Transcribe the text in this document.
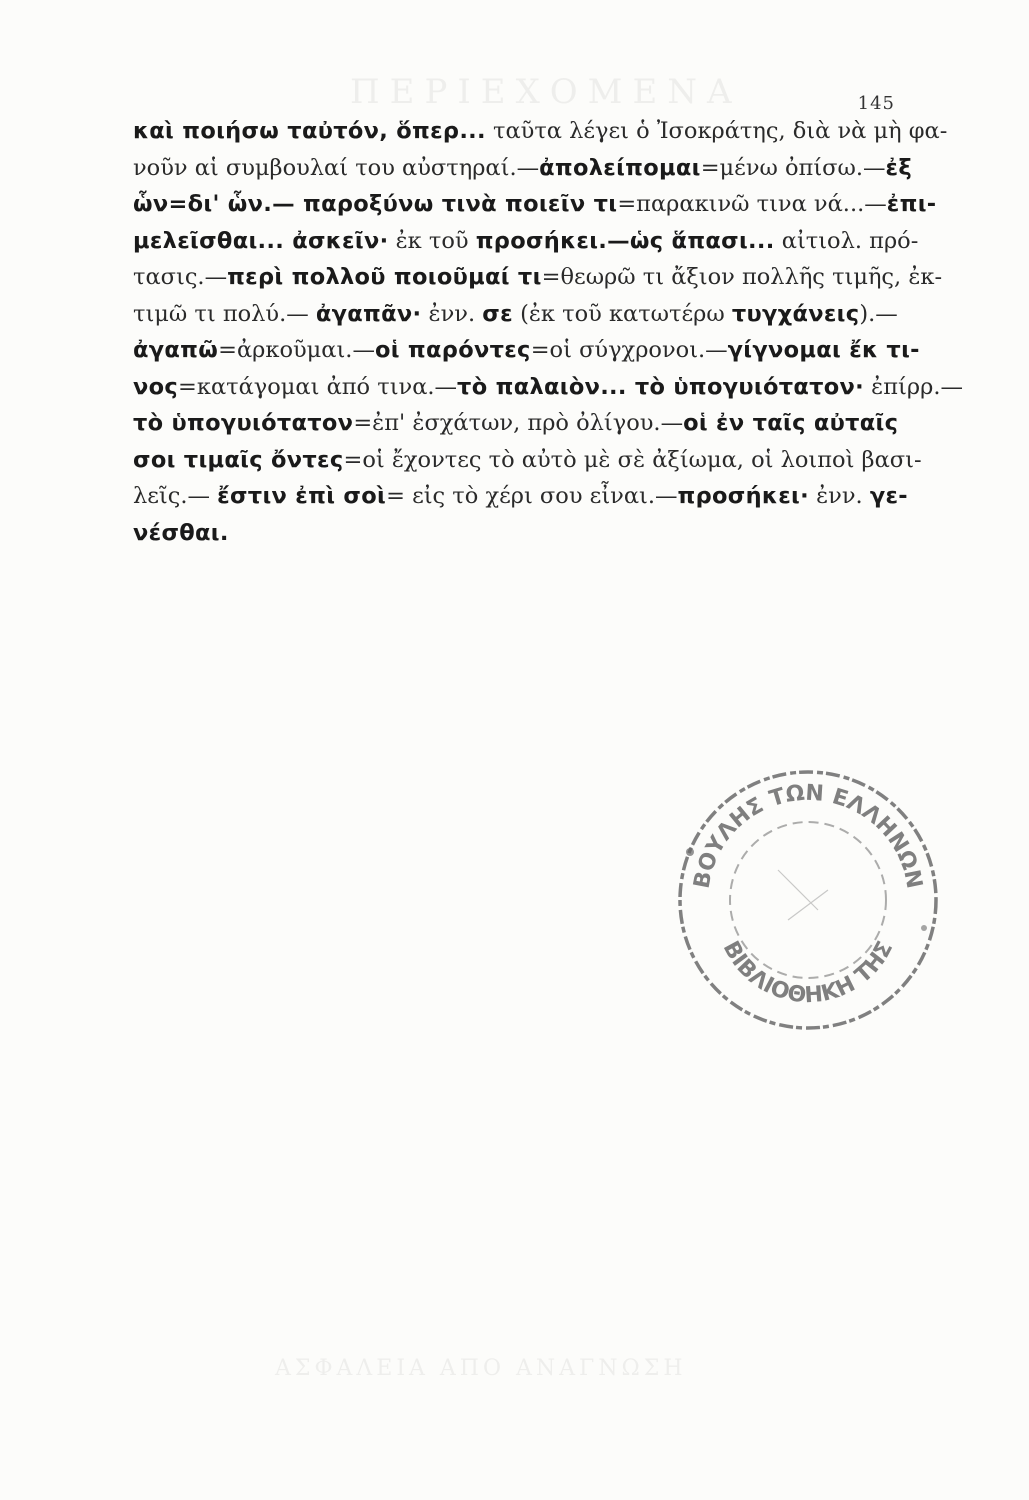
ΠΕΡΙΕΧΟΜΕΝΑ
ΑΣΦΑΛΕΙΑ ΑΠΟ ΑΝΑΓΝΩΣΗ
145
καὶ ποιήσω ταὐτόν, ὅπερ... ταῦτα λέγει ὁ Ἰσοκράτης, διὰ νὰ μὴ φα-
νοῦν αἱ συμβουλαί του αὐστηραί.—ἀπολείπομαι=μένω ὀπίσω.—ἐξ
ὧν=δι' ὧν.— παροξύνω τινὰ ποιεῖν τι=παρακινῶ τινα νά...—ἐπι-
μελεῖσθαι... ἀσκεῖν· ἐκ τοῦ προσήκει.—ὡς ἅπασι... αἰτιολ. πρό-
τασις.—περὶ πολλοῦ ποιοῦμαί τι=θεωρῶ τι ἄξιον πολλῆς τιμῆς, ἐκ-
τιμῶ τι πολύ.— ἀγαπᾶν· ἐνν. σε (ἐκ τοῦ κατωτέρω τυγχάνεις).—
ἀγαπῶ=ἀρκοῦμαι.—οἱ παρόντες=οἱ σύγχρονοι.—γίγνομαι ἔκ τι-
νος=κατάγομαι ἀπό τινα.—τὸ παλαιὸν... τὸ ὑπογυιότατον· ἐπίρρ.—
τὸ ὑπογυιότατον=ἐπ' ἐσχάτων, πρὸ ὀλίγου.—οἱ ἐν ταῖς αὐταῖς
σοι τιμαῖς ὄντες=οἱ ἔχοντες τὸ αὐτὸ μὲ σὲ ἀξίωμα, οἱ λοιποὶ βασι-
λεῖς.— ἔστιν ἐπὶ σοὶ= εἰς τὸ χέρι σου εἶναι.—προσήκει· ἐνν. γε-
νέσθαι.
ΒΟΥΛΗΣ ΤΩΝ ΕΛΛΗΝΩΝ
ΒΙΒΛΙΟΘΗΚΗ ΤΗΣ
